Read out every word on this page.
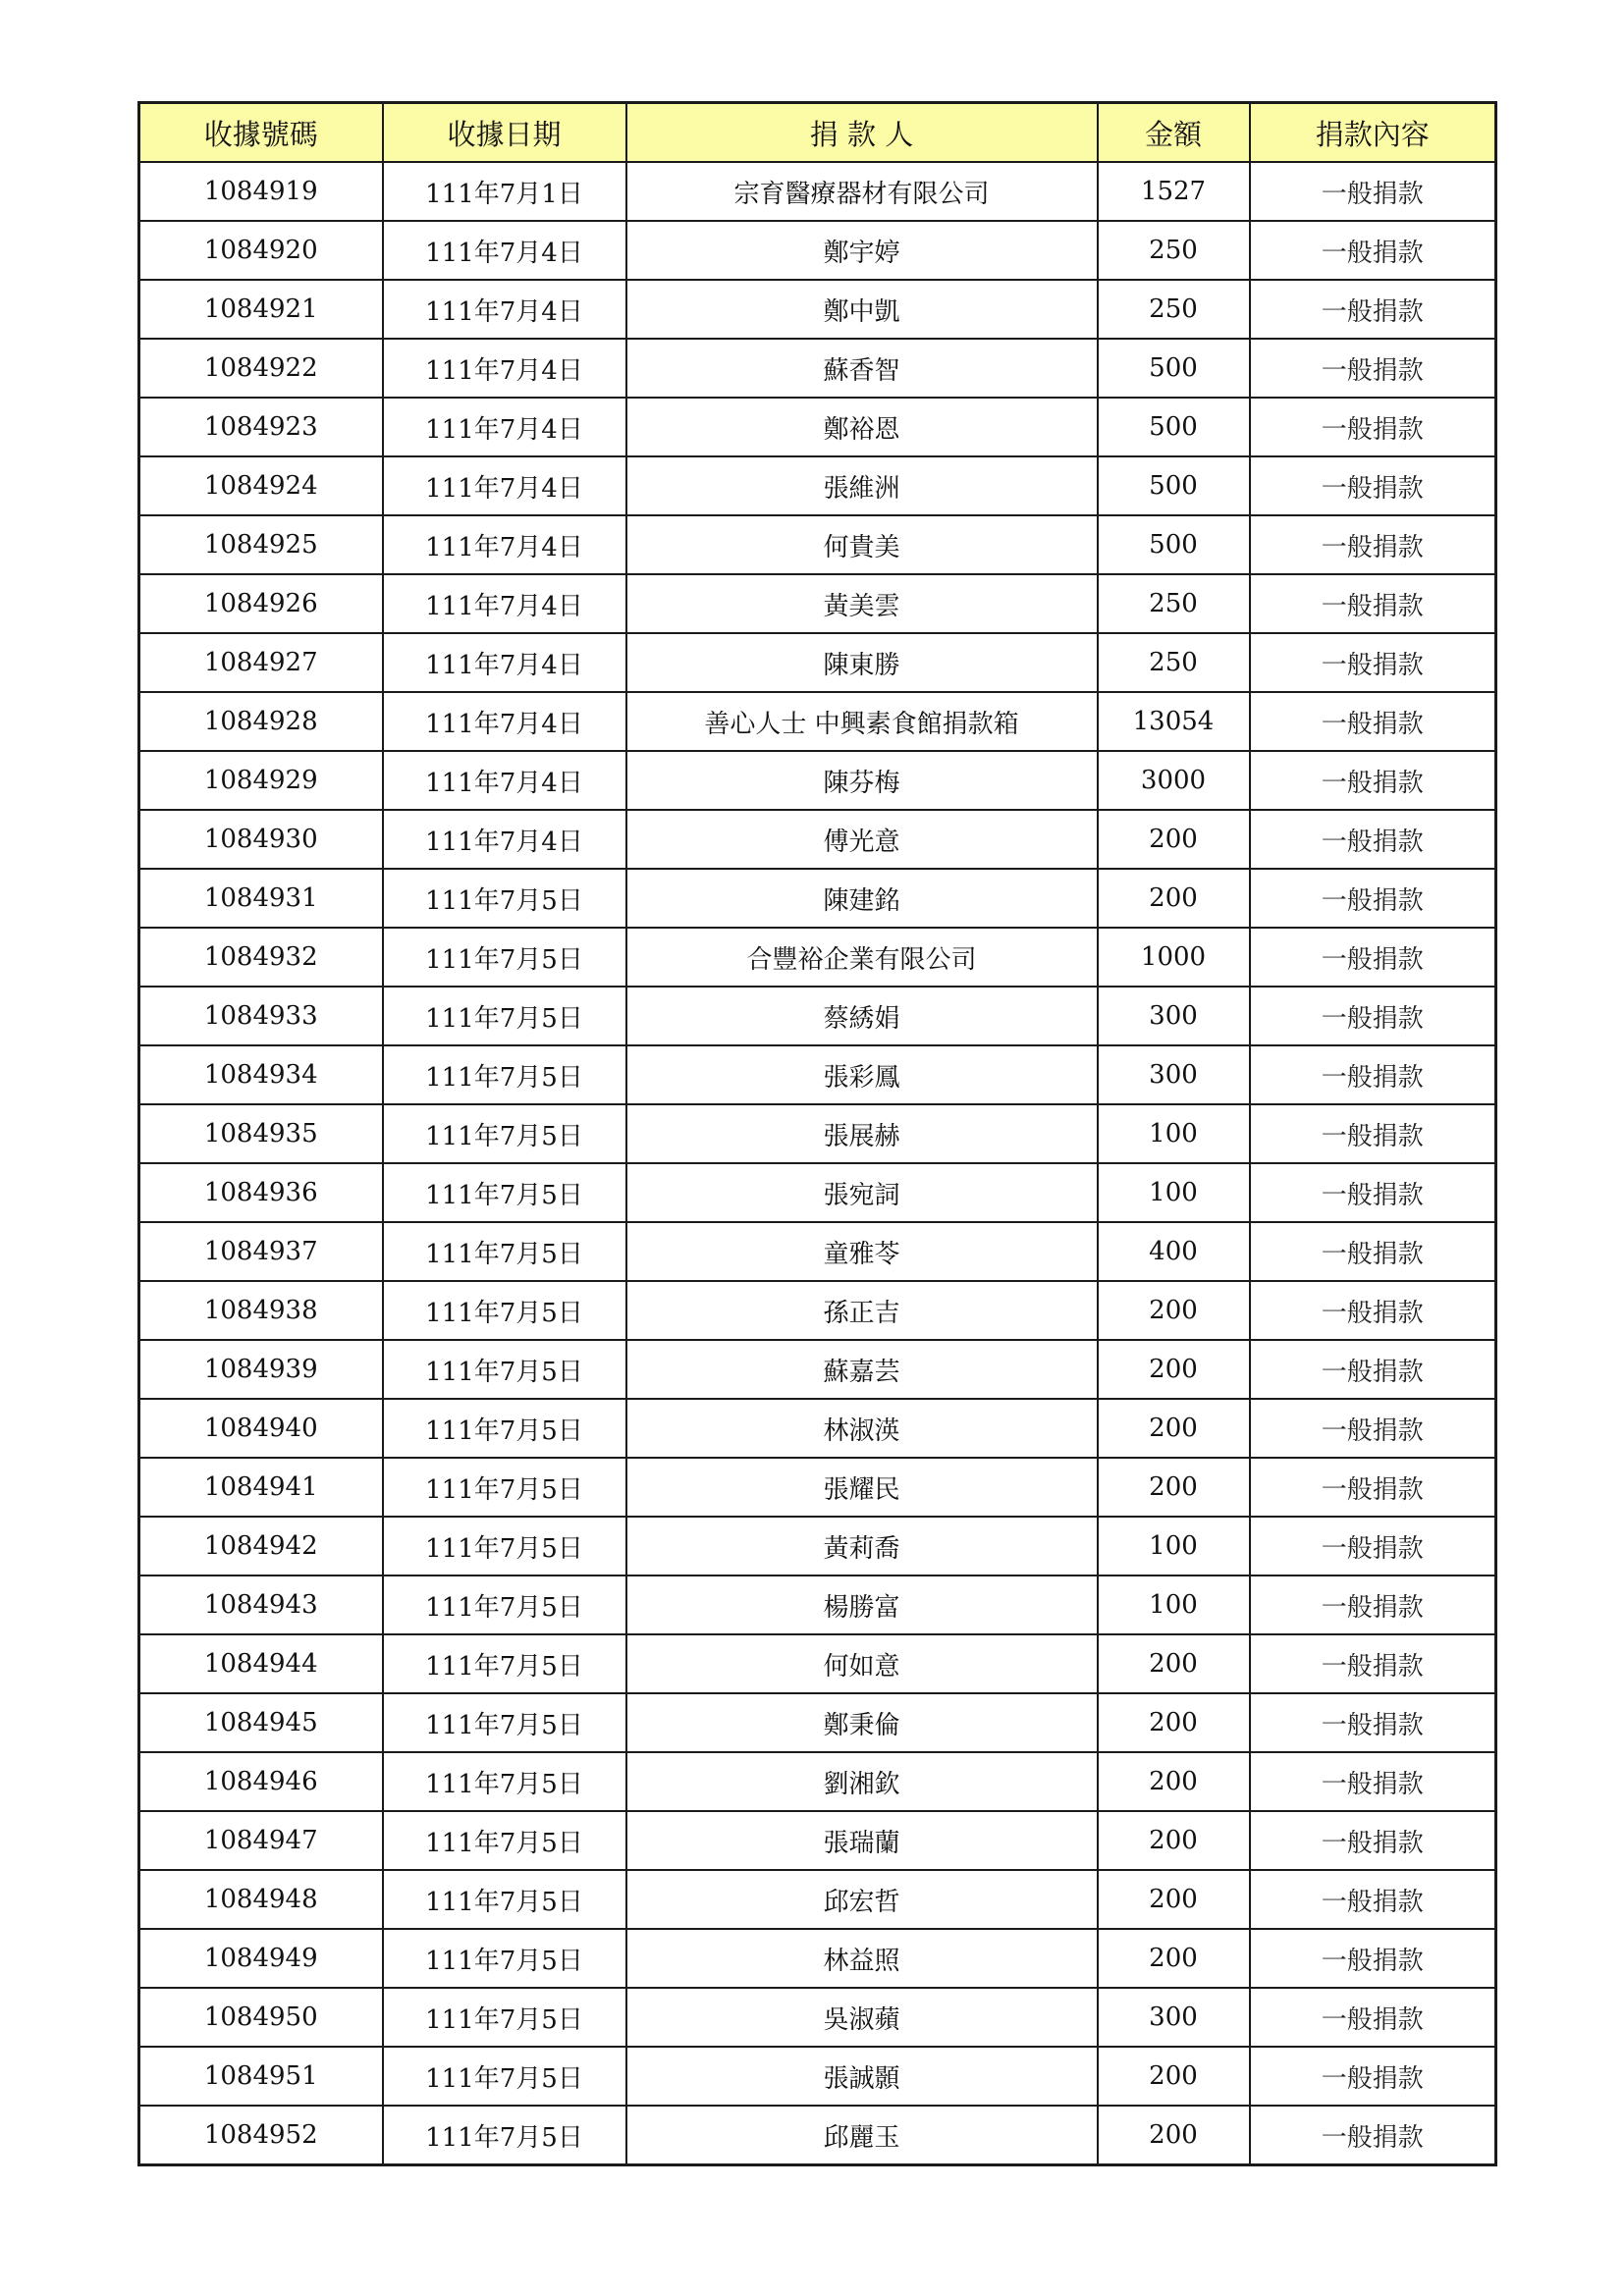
收據號碼	收據日期	捐 款 人	金額	捐款內容
1084919	111年7月1日	宗育醫療器材有限公司	1527	一般捐款
1084920	111年7月4日	鄭宇婷	250	一般捐款
1084921	111年7月4日	鄭中凱	250	一般捐款
1084922	111年7月4日	蘇香智	500	一般捐款
1084923	111年7月4日	鄭裕恩	500	一般捐款
1084924	111年7月4日	張維洲	500	一般捐款
1084925	111年7月4日	何貴美	500	一般捐款
1084926	111年7月4日	黃美雲	250	一般捐款
1084927	111年7月4日	陳東勝	250	一般捐款
1084928	111年7月4日	善心人士 中興素食館捐款箱	13054	一般捐款
1084929	111年7月4日	陳芬梅	3000	一般捐款
1084930	111年7月4日	傅光意	200	一般捐款
1084931	111年7月5日	陳建銘	200	一般捐款
1084932	111年7月5日	合豐裕企業有限公司	1000	一般捐款
1084933	111年7月5日	蔡綉娟	300	一般捐款
1084934	111年7月5日	張彩鳳	300	一般捐款
1084935	111年7月5日	張展赫	100	一般捐款
1084936	111年7月5日	張宛詞	100	一般捐款
1084937	111年7月5日	童雅苓	400	一般捐款
1084938	111年7月5日	孫正吉	200	一般捐款
1084939	111年7月5日	蘇嘉芸	200	一般捐款
1084940	111年7月5日	林淑渶	200	一般捐款
1084941	111年7月5日	張耀民	200	一般捐款
1084942	111年7月5日	黃莉喬	100	一般捐款
1084943	111年7月5日	楊勝富	100	一般捐款
1084944	111年7月5日	何如意	200	一般捐款
1084945	111年7月5日	鄭秉倫	200	一般捐款
1084946	111年7月5日	劉湘欽	200	一般捐款
1084947	111年7月5日	張瑞蘭	200	一般捐款
1084948	111年7月5日	邱宏哲	200	一般捐款
1084949	111年7月5日	林益照	200	一般捐款
1084950	111年7月5日	吳淑蘋	300	一般捐款
1084951	111年7月5日	張誠顥	200	一般捐款
1084952	111年7月5日	邱麗玉	200	一般捐款
